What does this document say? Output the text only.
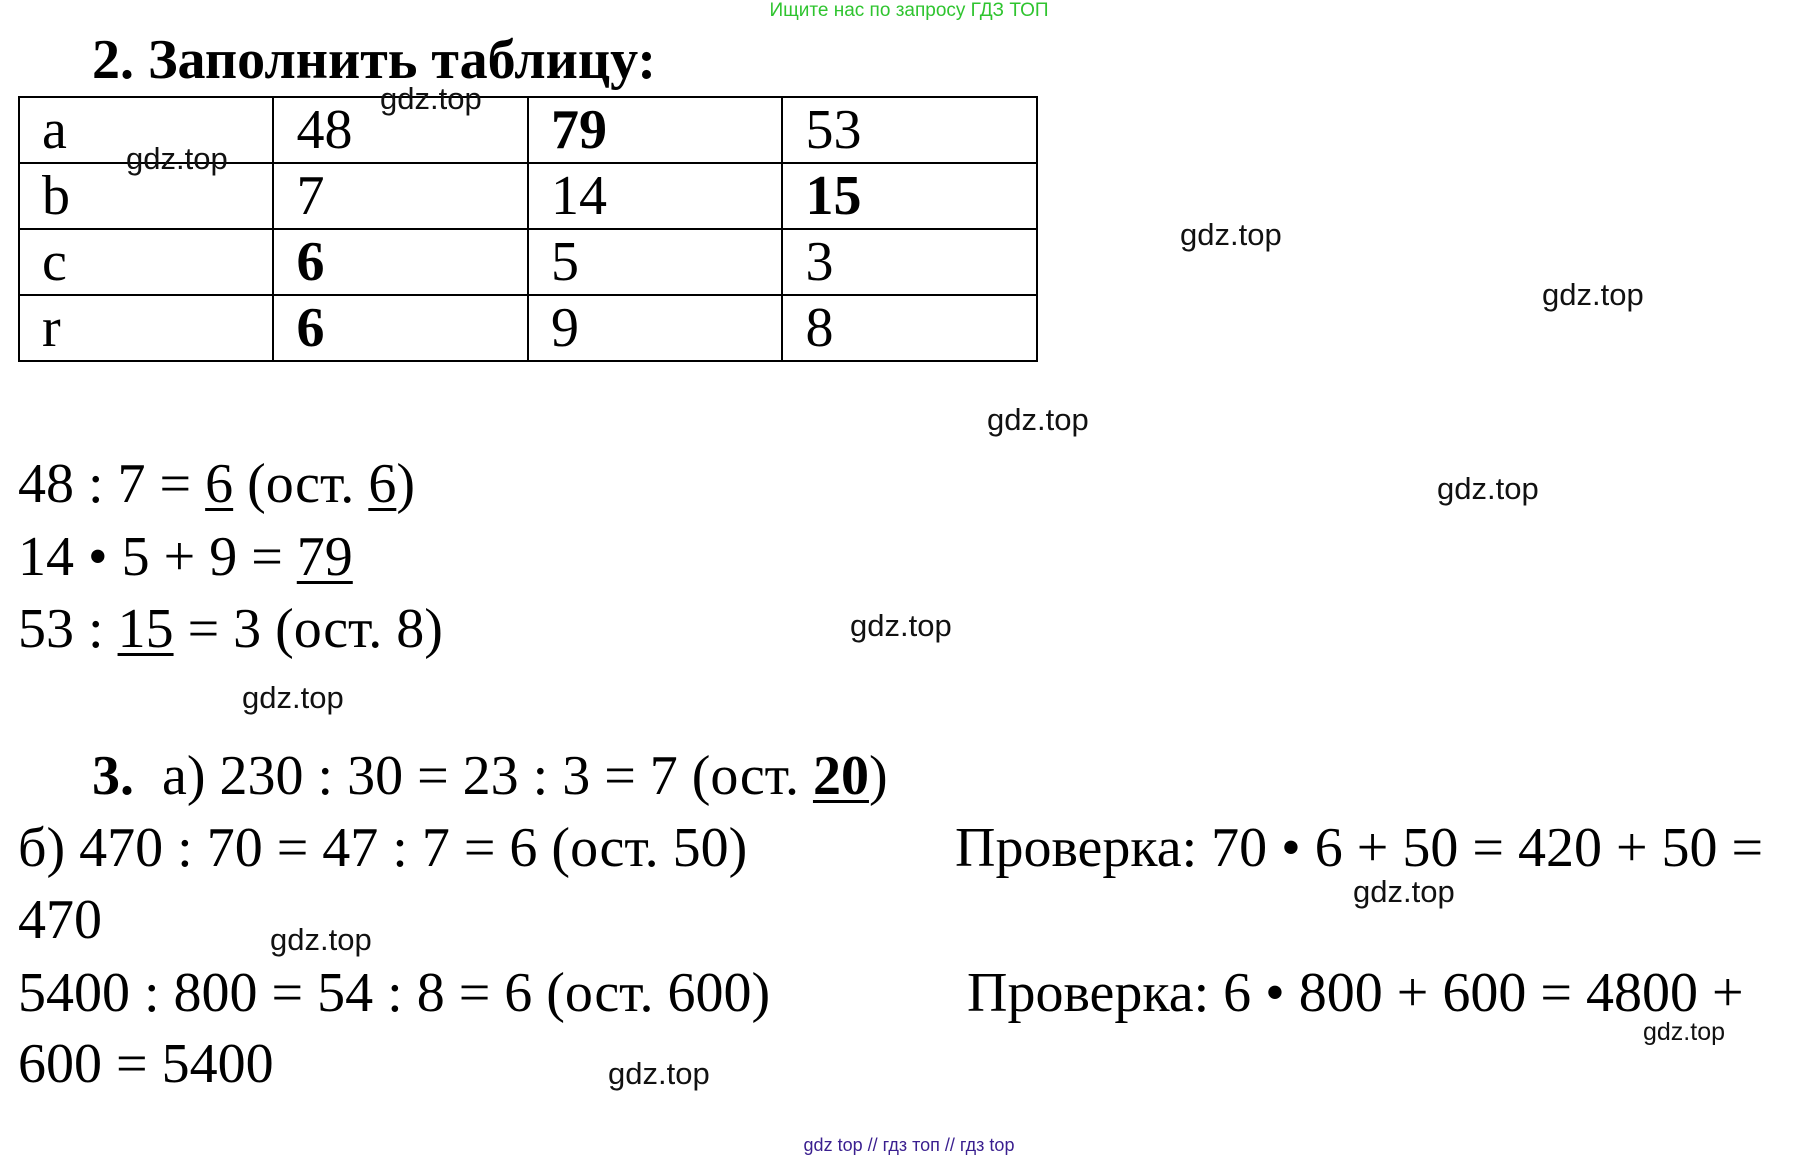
Ищите нас по запросу ГДЗ ТОП
2. Заполнить таблицу:
a	48	79	53
b	7	14	15
c	6	5	3
r	6	9	8
48 : 7 = 6 (ост. 6)
14 • 5 + 9 = 79
53 : 15 = 3 (ост. 8)
3. а) 230 : 30 = 23 : 3 = 7 (ост. 20)
б) 470 : 70 = 47 : 7 = 6 (ост. 50)	Проверка: 70 • 6 + 50 = 420 + 50 =
470
5400 : 800 = 54 : 8 = 6 (ост. 600)	Проверка: 6 • 800 + 600 = 4800 +
600 = 5400
gdz.top
gdz.top
gdz.top
gdz.top
gdz.top
gdz.top
gdz.top
gdz.top
gdz.top
gdz.top
gdz.top
gdz.top
gdz top // гдз топ // гдз top
